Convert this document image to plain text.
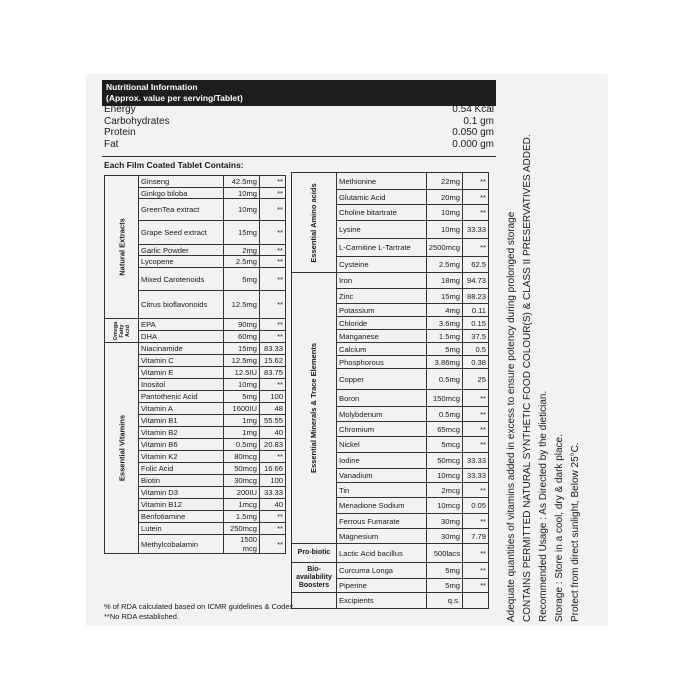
Nutritional Information
(Approx. value per serving/Tablet)
Energy	0.54 Kcal
Carbohydrates	0.1 gm
Protein	0.050 gm
Fat	0.000 gm
Each Film Coated Tablet Contains:
Natural Extracts	Ginseng	42.5mg	**
	Ginkgo biloba	10mg	**
	GreenTea extract	10mg	**
	Grape Seed extract	15mg	**
	Garlic Powder	2mg	**
	Lycopene	2.5mg	**
	Mixed Carotenoids	5mg	**
	Citrus bioflavonoids	12.5mg	**

Omega Fatty Acid	EPA	90mg	**
	DHA	60mg	**

Essential Vitamins	Niacinamide	15mg	83.33
	Vitamin C	12.5mg	15.62
	Vitamin E	12.5IU	83.75
	Inositol	10mg	**
	Pantothenic Acid	5mg	100
	Vitamin A	1600IU	48
	Vitamin B1	1mg	55.55
	Vitamin B2	1mg	40
	Vitamin B6	0.5mg	20.83
	Vitamin K2	80mcg	**
	Folic Acid	50mcg	16.66
	Biotin	30mcg	100
	Vitamin D3	200IU	33.33
	Vitamin B12	1mcg	40
	Benfotiamine	1.5mg	**
	Lutein	250mcg	**
	Methylcobalamin	1500 mcg	**
Essential Amino acids	Methionine	22mg	**
	Glutamic Acid	20mg	**
	Choline bitartrate	10mg	**
	Lysine	10mg	33.33
	L-Carnitine L-Tartrate	2500mcg	**
	Cysteine	2.5mg	62.5

Essential Minerals & Trace Elements	Iron	18mg	94.73
	Zinc	15mg	88.23
	Potassium	4mg	0.11
	Chloride	3.6mg	0.15
	Manganese	1.5mg	37.5
	Calcium	5mg	0.5
	Phosphorous	3.86mg	0.38
	Copper	0.5mg	25
	Boron	150mcg	**
	Molybdenum	0.5mg	**
	Chromium	65mcg	**
	Nickel	5mcg	**
	Iodine	50mcg	33.33
	Vanadium	10mcg	33.33
	Tin	2mcg	**
	Menadione Sodium	10mcg	0.05
	Ferrous Fumarate	30mg	**
	Magnesium	30mg	7.79
Pro-biotic	Lactic Acid bacillus	500lacs	**
Bio-availability Boosters	Curcuma Longa	5mg	**
	Piperine	5mg	**
	Excipients	q.s.	
% of RDA calculated based on ICMR guidelines & Codex.
**No RDA established.	Adequate quantities of vitamins added in excess to ensure potency during prolonged storage CONTAINS PERMITTED NATURAL SYNTHETIC FOOD COLOUR(S) & CLASS II PRESERVATIVES ADDED. Recommended Usage : As Directed by the dietician. Storage : Store in a cool, dry & dark place. Protect from direct sunlight, Below 25°C.
